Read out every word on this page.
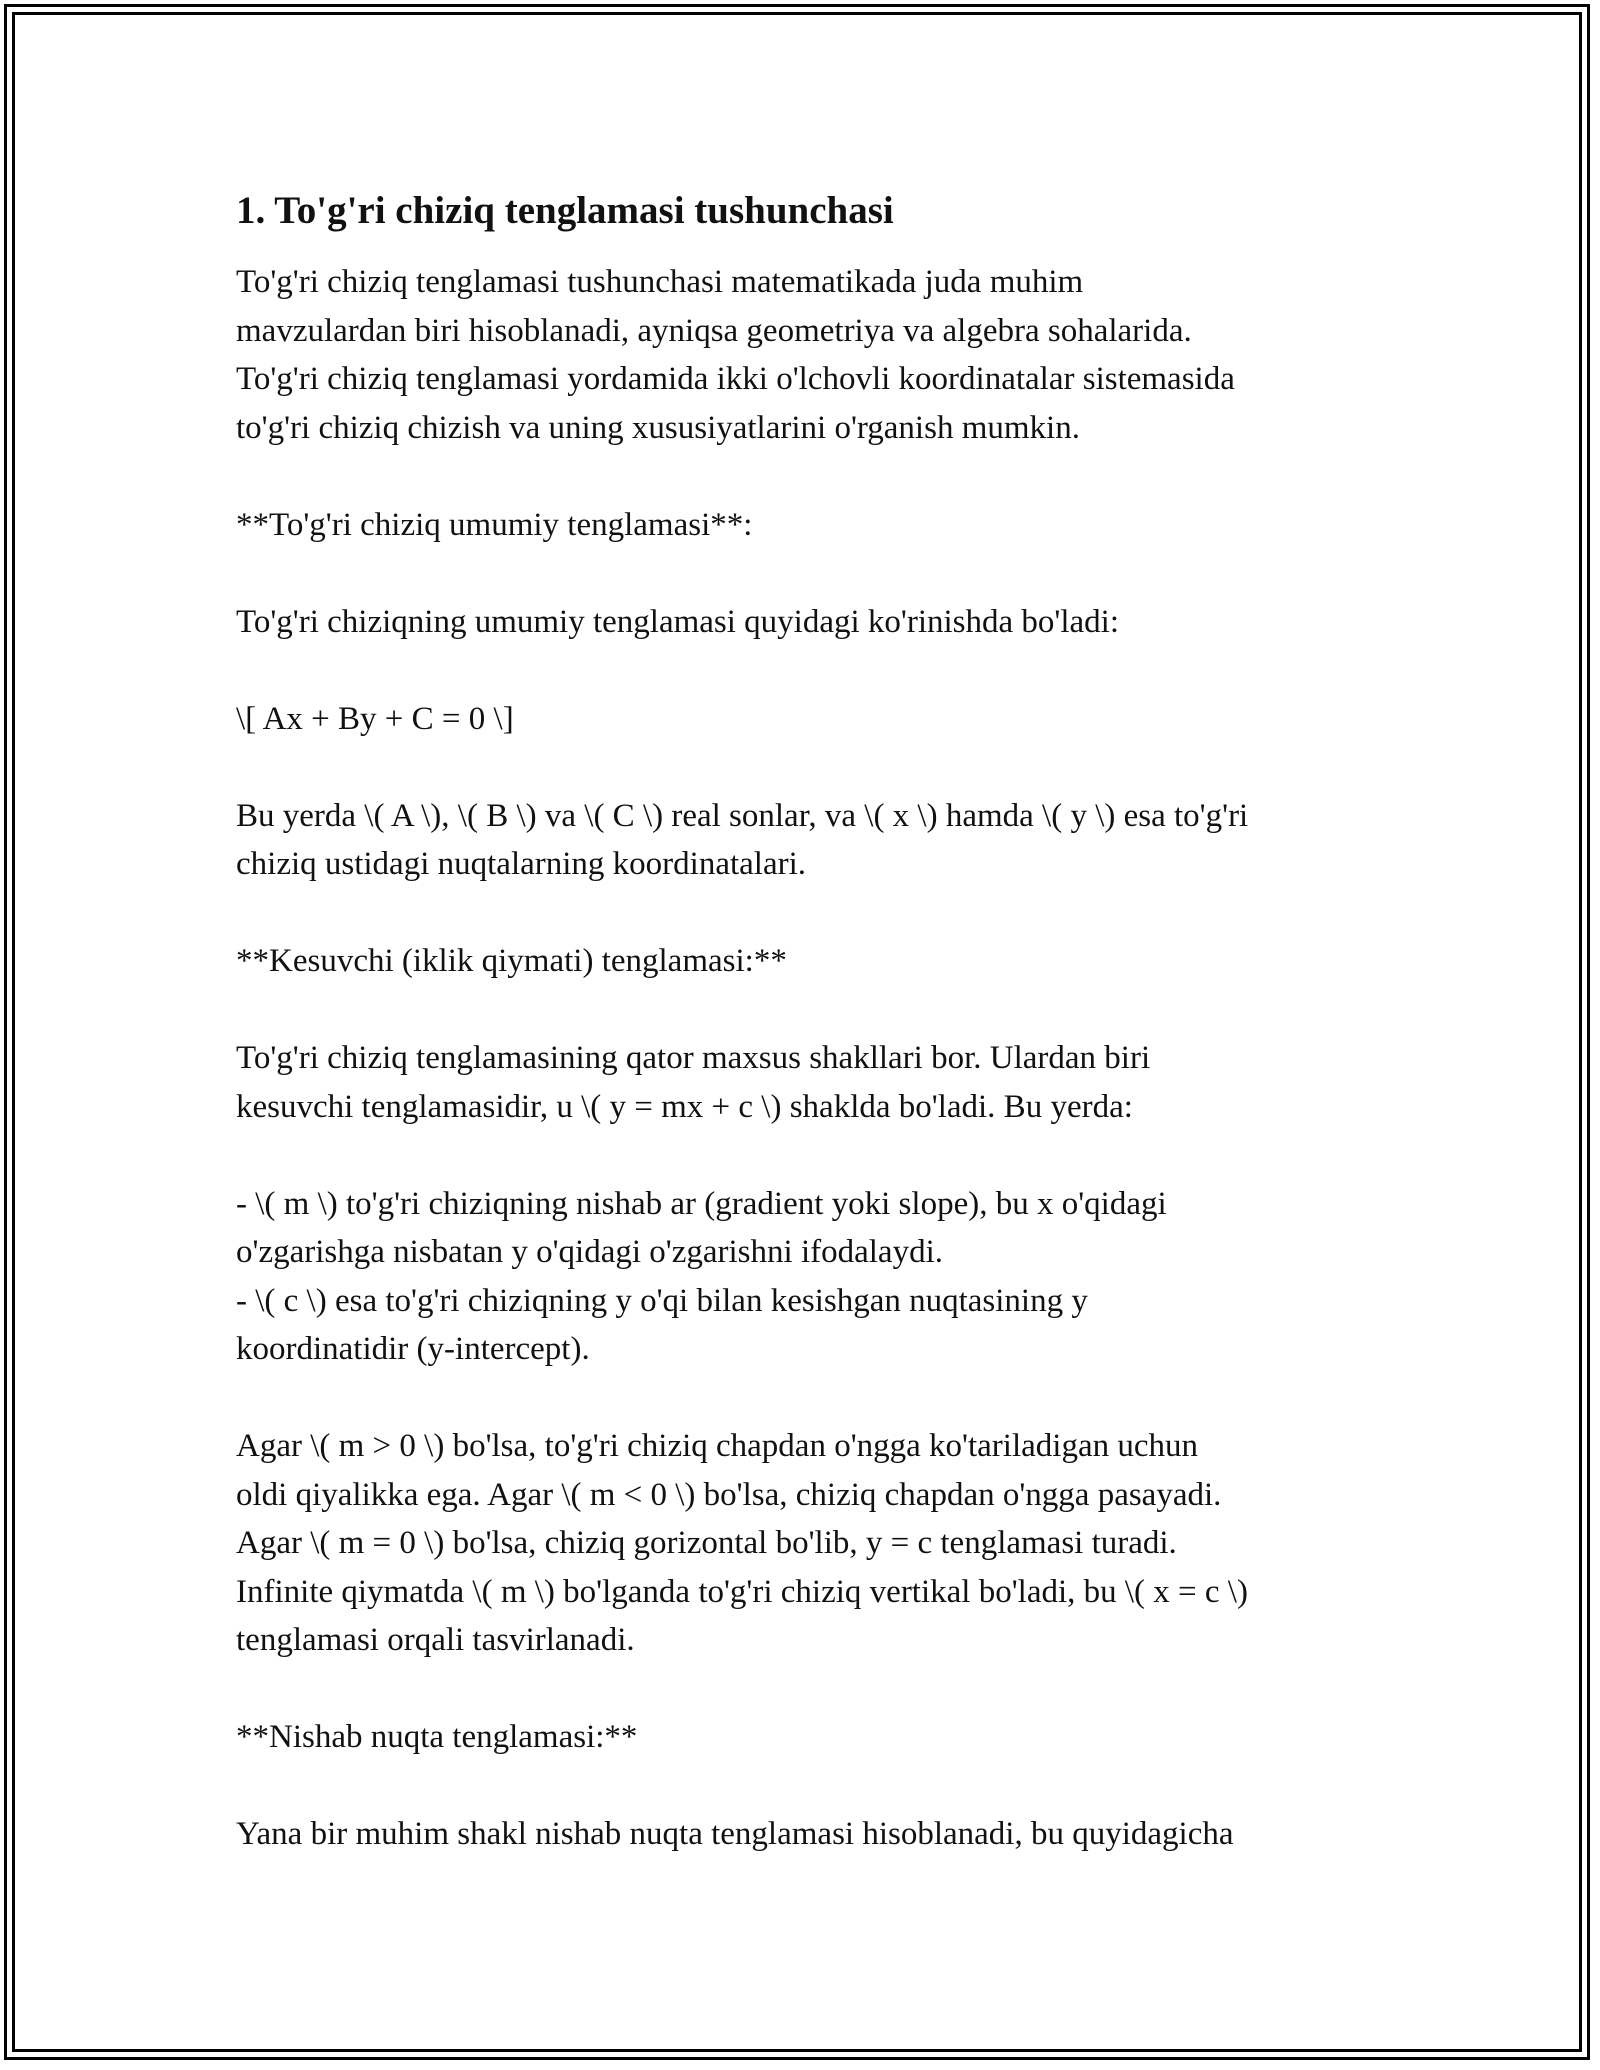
1. To'g'ri chiziq tenglamasi tushunchasi
To'g'ri chiziq tenglamasi tushunchasi matematikada juda muhim
mavzulardan biri hisoblanadi, ayniqsa geometriya va algebra sohalarida.
To'g'ri chiziq tenglamasi yordamida ikki o'lchovli koordinatalar sistemasida
to'g'ri chiziq chizish va uning xususiyatlarini o'rganish mumkin.
**To'g'ri chiziq umumiy tenglamasi**:
To'g'ri chiziqning umumiy tenglamasi quyidagi ko'rinishda bo'ladi:
\[ Ax + By + C = 0 \]
Bu yerda \( A \), \( B \) va \( C \) real sonlar, va \( x \) hamda \( y \) esa to'g'ri
chiziq ustidagi nuqtalarning koordinatalari.
**Kesuvchi (iklik qiymati) tenglamasi:**
To'g'ri chiziq tenglamasining qator maxsus shakllari bor. Ulardan biri
kesuvchi tenglamasidir, u \( y = mx + c \) shaklda bo'ladi. Bu yerda:
- \( m \) to'g'ri chiziqning nishab ar (gradient yoki slope), bu x o'qidagi
o'zgarishga nisbatan y o'qidagi o'zgarishni ifodalaydi.
- \( c \) esa to'g'ri chiziqning y o'qi bilan kesishgan nuqtasining y
koordinatidir (y-intercept).
Agar \( m > 0 \) bo'lsa, to'g'ri chiziq chapdan o'ngga ko'tariladigan uchun
oldi qiyalikka ega. Agar \( m < 0 \) bo'lsa, chiziq chapdan o'ngga pasayadi.
Agar \( m = 0 \) bo'lsa, chiziq gorizontal bo'lib, y = c tenglamasi turadi.
Infinite qiymatda \( m \) bo'lganda to'g'ri chiziq vertikal bo'ladi, bu \( x = c \)
tenglamasi orqali tasvirlanadi.
**Nishab nuqta tenglamasi:**
Yana bir muhim shakl nishab nuqta tenglamasi hisoblanadi, bu quyidagicha
